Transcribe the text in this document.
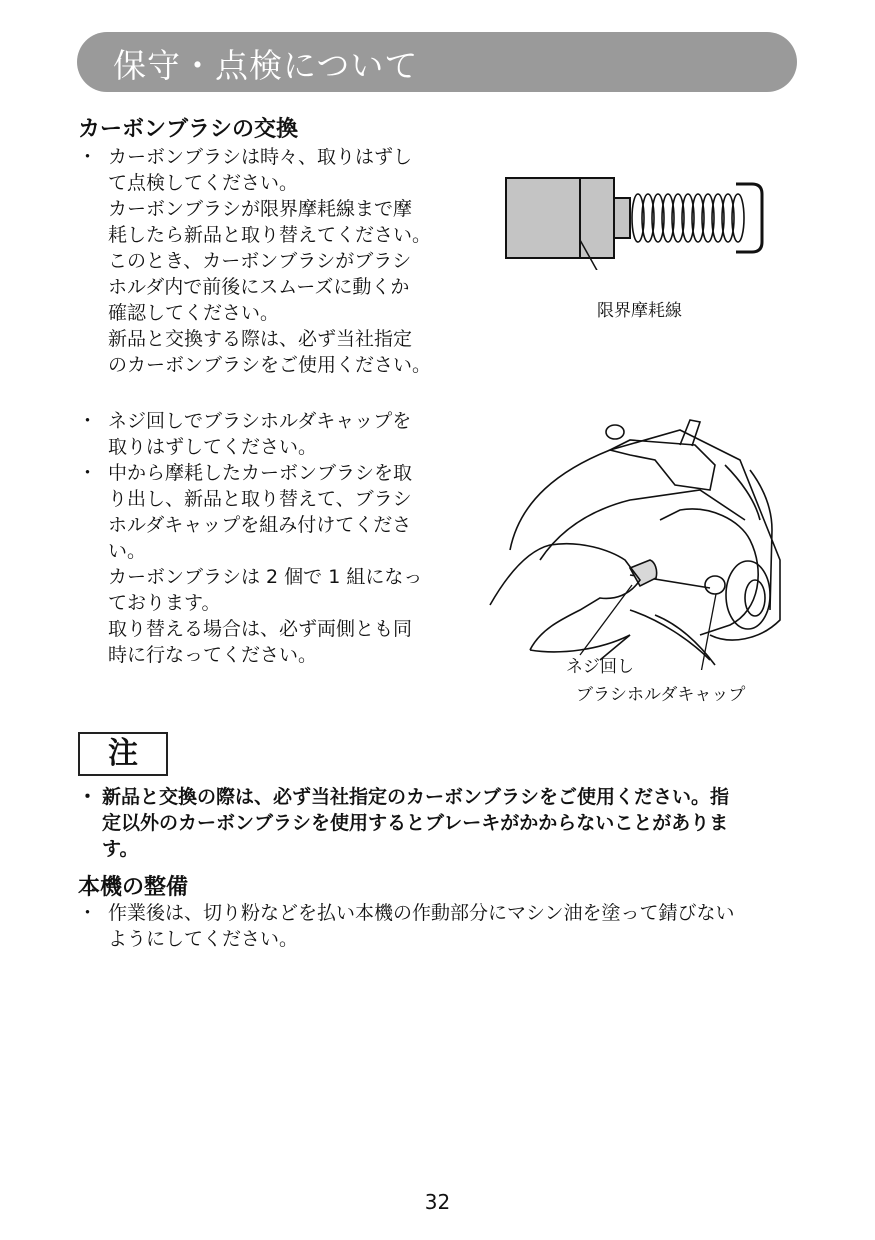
保守・点検について
カーボンブラシの交換
・ カーボンブラシは時々、取りはずし
て点検してください。
カーボンブラシが限界摩耗線まで摩
耗したら新品と取り替えてください。
このとき、カーボンブラシがブラシ
ホルダ内で前後にスムーズに動くか
確認してください。
新品と交換する際は、必ず当社指定
のカーボンブラシをご使用ください。
・ ネジ回しでブラシホルダキャップを
取りはずしてください。
・ 中から摩耗したカーボンブラシを取
り出し、新品と取り替えて、ブラシ
ホルダキャップを組み付けてくださ
い。
カーボンブラシは 2 個で 1 組になっ
ております。
取り替える場合は、必ず両側とも同
時に行なってください。
限界摩耗線
ネジ回し
ブラシホルダキャップ
注
・ 新品と交換の際は、必ず当社指定のカーボンブラシをご使用ください。指
定以外のカーボンブラシを使用するとブレーキがかからないことがありま
す。
本機の整備
・ 作業後は、切り粉などを払い本機の作動部分にマシン油を塗って錆びない
ようにしてください。
32
